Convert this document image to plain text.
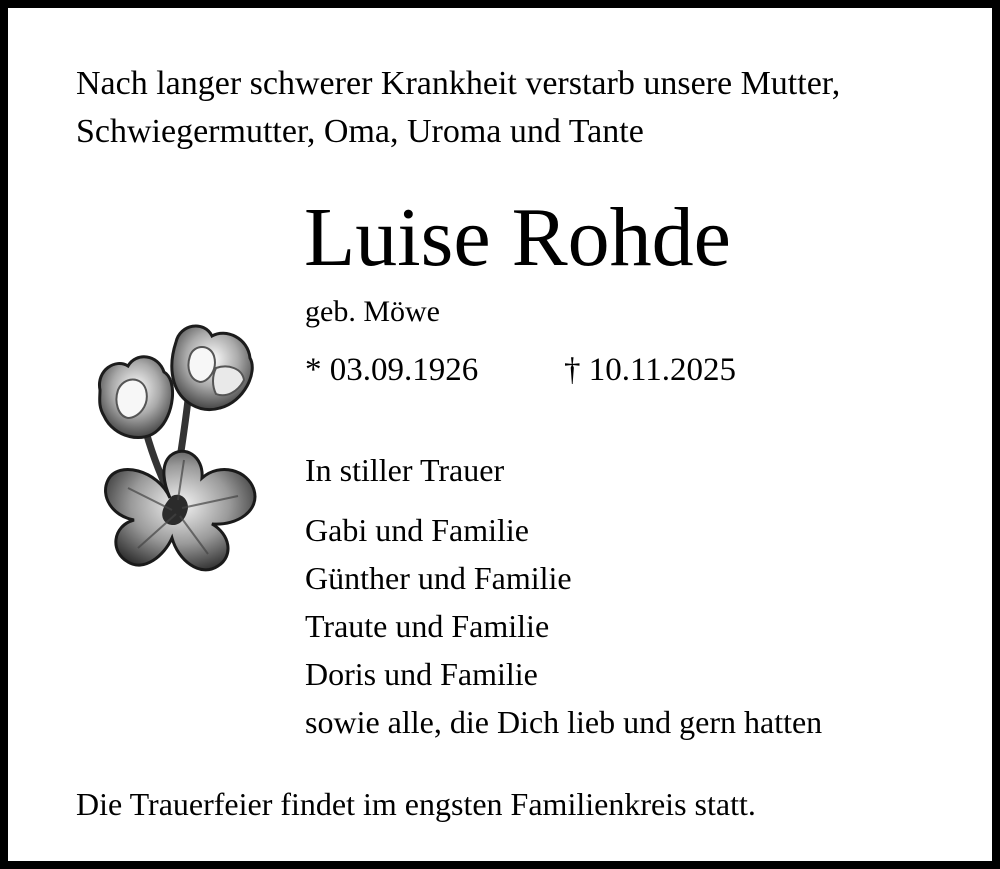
Nach langer schwerer Krankheit verstarb unsere Mutter,
Schwiegermutter, Oma, Uroma und Tante
Luise Rohde
geb. Möwe
* 03.09.1926	† 10.11.2025
In stiller Trauer
Gabi und Familie
Günther und Familie
Traute und Familie
Doris und Familie
sowie alle, die Dich lieb und gern hatten
Die Trauerfeier findet im engsten Familienkreis statt.
